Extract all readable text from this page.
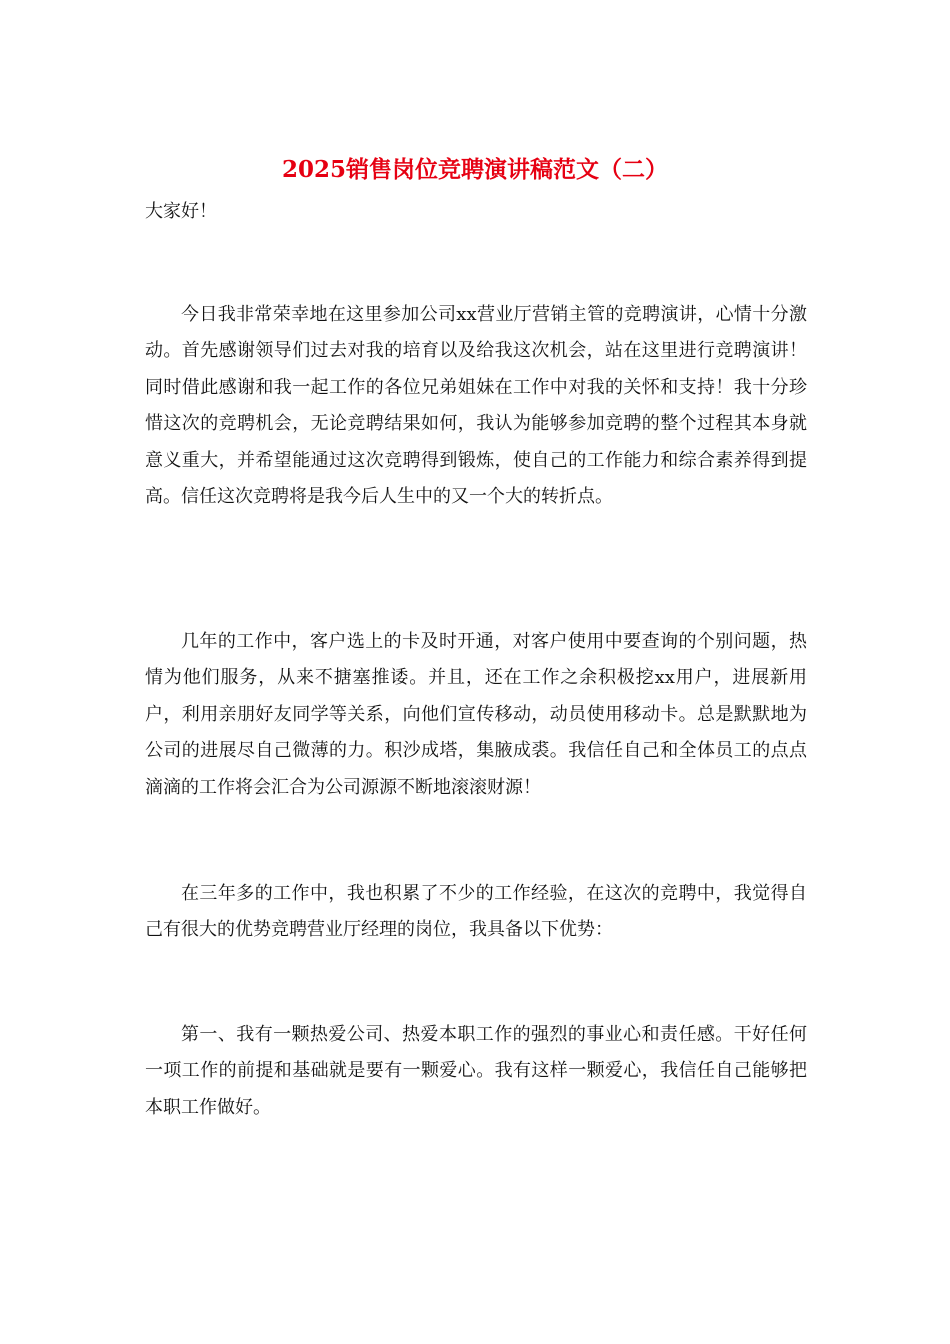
2025销售岗位竞聘演讲稿范文（二）

大家好！

今日我非常荣幸地在这里参加公司xx营业厅营销主管的竞聘演讲，心情十分激动。首先感谢领导们过去对我的培育以及给我这次机会，站在这里进行竞聘演讲！同时借此感谢和我一起工作的各位兄弟姐妹在工作中对我的关怀和支持！我十分珍惜这次的竞聘机会，无论竞聘结果如何，我认为能够参加竞聘的整个过程其本身就意义重大，并希望能通过这次竞聘得到锻炼，使自己的工作能力和综合素养得到提高。信任这次竞聘将是我今后人生中的又一个大的转折点。

几年的工作中，客户选上的卡及时开通，对客户使用中要查询的个别问题，热情为他们服务，从来不搪塞推诿。并且，还在工作之余积极挖xx用户，进展新用户，利用亲朋好友同学等关系，向他们宣传移动，动员使用移动卡。总是默默地为公司的进展尽自己微薄的力。积沙成塔，集腋成裘。我信任自己和全体员工的点点滴滴的工作将会汇合为公司源源不断地滚滚财源！

在三年多的工作中，我也积累了不少的工作经验，在这次的竞聘中，我觉得自己有很大的优势竞聘营业厅经理的岗位，我具备以下优势：

第一、我有一颗热爱公司、热爱本职工作的强烈的事业心和责任感。干好任何一项工作的前提和基础就是要有一颗爱心。我有这样一颗爱心，我信任自己能够把本职工作做好。
